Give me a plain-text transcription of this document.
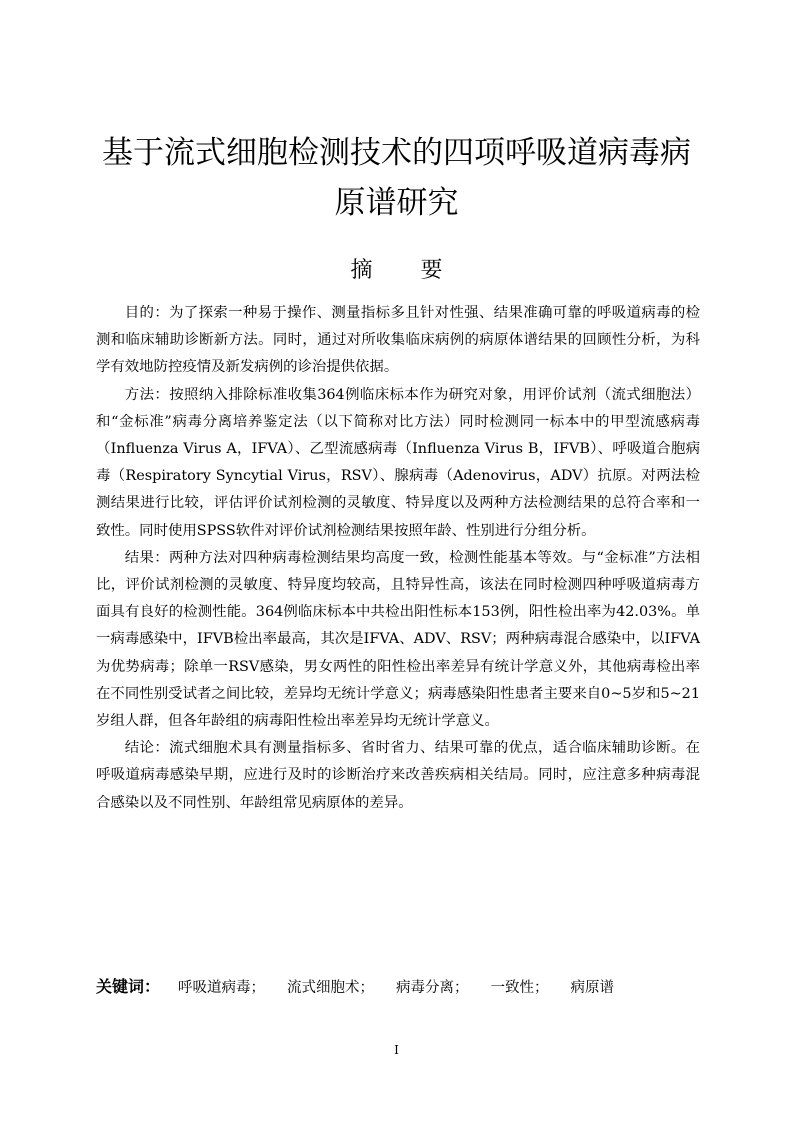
基于流式细胞检测技术的四项呼吸道病毒病原谱研究
摘 要

目的：为了探索一种易于操作、测量指标多且针对性强、结果准确可靠的呼吸道病毒的检测和临床辅助诊断新方法。同时，通过对所收集临床病例的病原体谱结果的回顾性分析，为科学有效地防控疫情及新发病例的诊治提供依据。

方法：按照纳入排除标准收集364例临床标本作为研究对象，用评价试剂（流式细胞法）和“金标准”病毒分离培养鉴定法（以下简称对比方法）同时检测同一标本中的甲型流感病毒（Influenza Virus A，IFVA）、乙型流感病毒（Influenza Virus B，IFVB）、呼吸道合胞病毒（Respiratory Syncytial Virus，RSV）、腺病毒（Adenovirus，ADV）抗原。对两法检测结果进行比较，评估评价试剂检测的灵敏度、特异度以及两种方法检测结果的总符合率和一致性。同时使用SPSS软件对评价试剂检测结果按照年龄、性别进行分组分析。

结果：两种方法对四种病毒检测结果均高度一致，检测性能基本等效。与“金标准”方法相比，评价试剂检测的灵敏度、特异度均较高，且特异性高，该法在同时检测四种呼吸道病毒方面具有良好的检测性能。364例临床标本中共检出阳性标本153例，阳性检出率为42.03%。单一病毒感染中，IFVB检出率最高，其次是IFVA、ADV、RSV；两种病毒混合感染中，以IFVA为优势病毒；除单一RSV感染，男女两性的阳性检出率差异有统计学意义外，其他病毒检出率在不同性别受试者之间比较，差异均无统计学意义；病毒感染阳性患者主要来自0~5岁和5~21岁组人群，但各年龄组的病毒阳性检出率差异均无统计学意义。

结论：流式细胞术具有测量指标多、省时省力、结果可靠的优点，适合临床辅助诊断。在呼吸道病毒感染早期，应进行及时的诊断治疗来改善疾病相关结局。同时，应注意多种病毒混合感染以及不同性别、年龄组常见病原体的差异。

关键词： 呼吸道病毒； 流式细胞术； 病毒分离； 一致性； 病原谱
I
